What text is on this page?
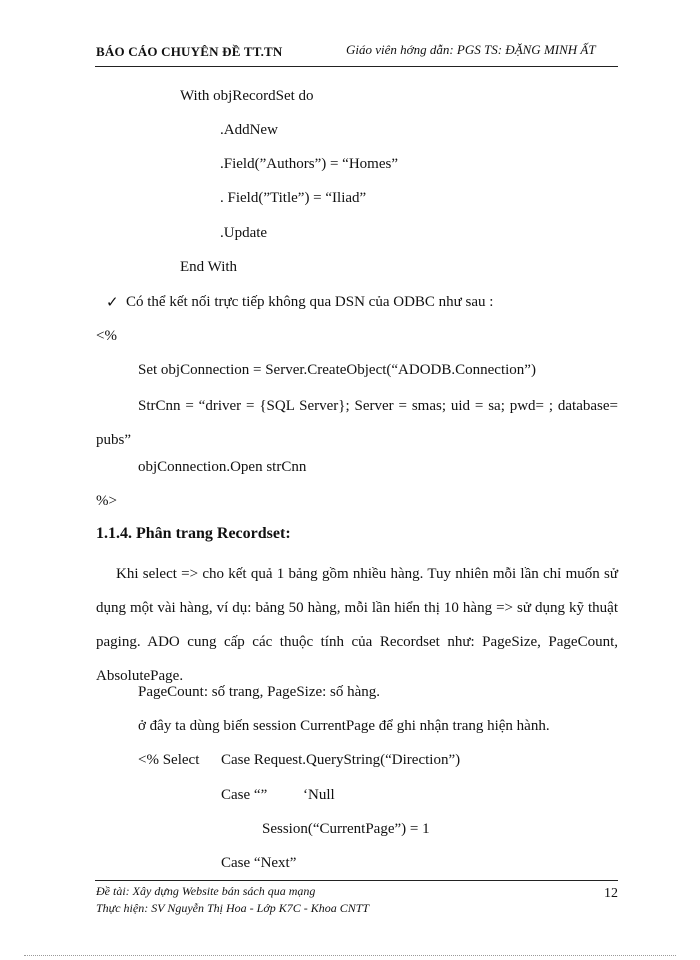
BÁO CÁO CHUYÊN ĐỀ TT.TN	Giáo viên hớng dẫn: PGS TS: ĐẶNG MINH ẤT
With objRecordSet do
.AddNew
.Field(”Authors”) = “Homes”
. Field(”Title”) = “Iliad”
.Update
End With
✓ Có thể kết nối trực tiếp không qua DSN của ODBC như sau :
<%
Set objConnection = Server.CreateObject(“ADODB.Connection”)
StrCnn = “driver = {SQL Server}; Server = smas; uid = sa; pwd= ; database= pubs”
objConnection.Open strCnn
%>
1.1.4. Phân trang Recordset:
Khi select => cho kết quả 1 bảng gồm nhiều hàng. Tuy nhiên mỗi lần chỉ muốn sử dụng một vài hàng, ví dụ: bảng 50 hàng, mỗi lần hiển thị 10 hàng => sử dụng kỹ thuật paging. ADO cung cấp các thuộc tính của Recordset như: PageSize, PageCount, AbsolutePage.
PageCount: số trang, PageSize: số hàng.
ở đây ta dùng biến session CurrentPage để ghi nhận trang hiện hành.
<% Select Case Request.QueryString(“Direction”)
Case “” ‘Null
Session(“CurrentPage”) = 1
Case “Next”
Đề tài: Xây dựng Website bán sách qua mạng
Thực hiện: SV Nguyễn Thị Hoa - Lớp K7C - Khoa CNTT
12
